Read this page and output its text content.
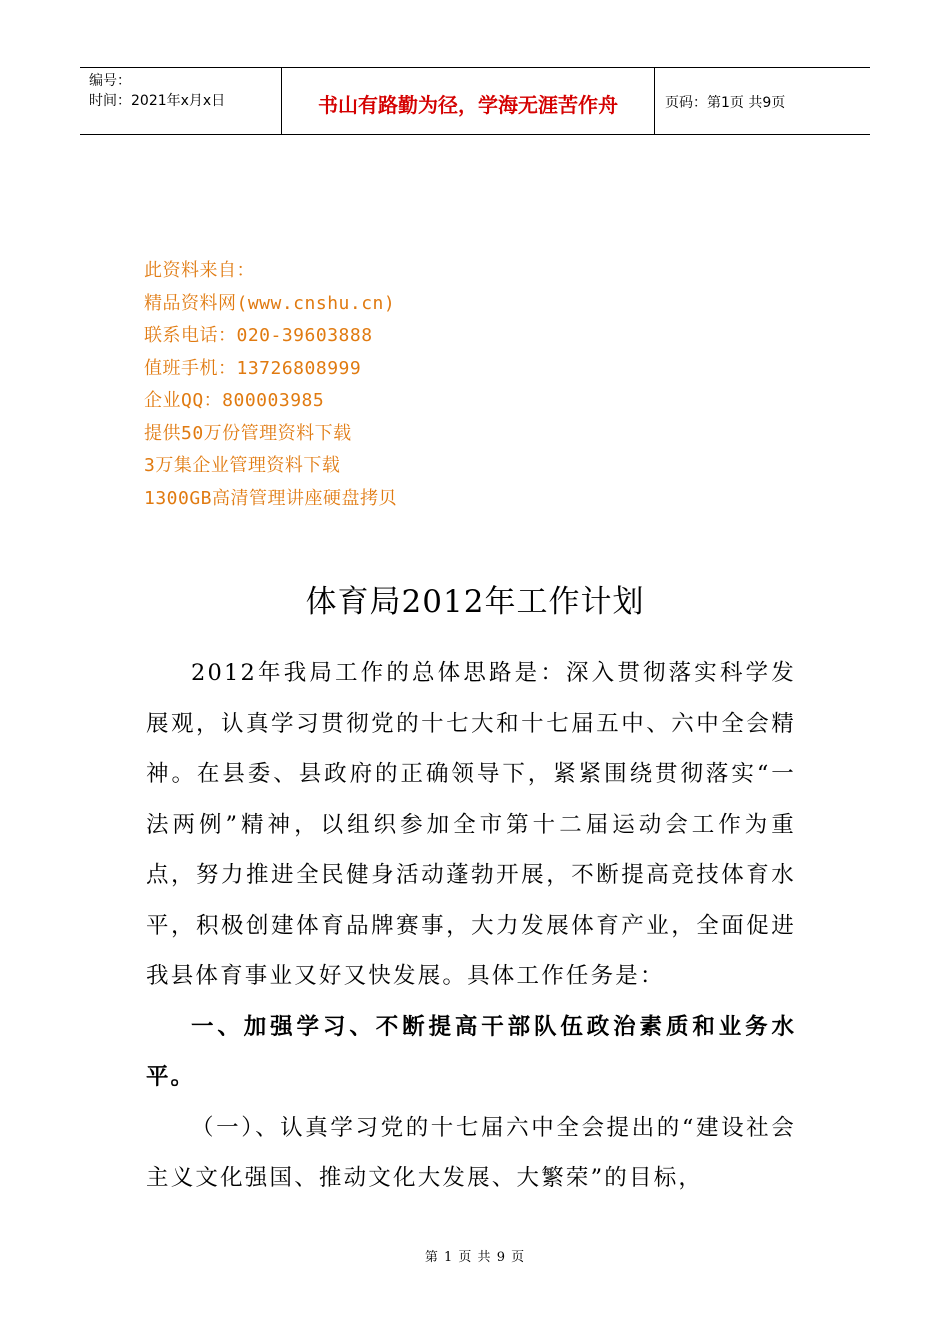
编号：
时间：2021年x月x日	书山有路勤为径，学海无涯苦作舟	页码：第1页 共9页
此资料来自：
精品资料网(www.cnshu.cn)
联系电话：020-39603888
值班手机：13726808999
企业QQ：800003985
提供50万份管理资料下载
3万集企业管理资料下载
1300GB高清管理讲座硬盘拷贝
体育局2012年工作计划

2012年我局工作的总体思路是：深入贯彻落实科学发展观，认真学习贯彻党的十七大和十七届五中、六中全会精神。在县委、县政府的正确领导下，紧紧围绕贯彻落实“一法两例”精神，以组织参加全市第十二届运动会工作为重点，努力推进全民健身活动蓬勃开展，不断提高竞技体育水平，积极创建体育品牌赛事，大力发展体育产业，全面促进我县体育事业又好又快发展。具体工作任务是：

一、加强学习、不断提高干部队伍政治素质和业务水平。

（一）、认真学习党的十七届六中全会提出的“建设社会主义文化强国、推动文化大发展、大繁荣”的目标，

第 1 页 共 9 页
